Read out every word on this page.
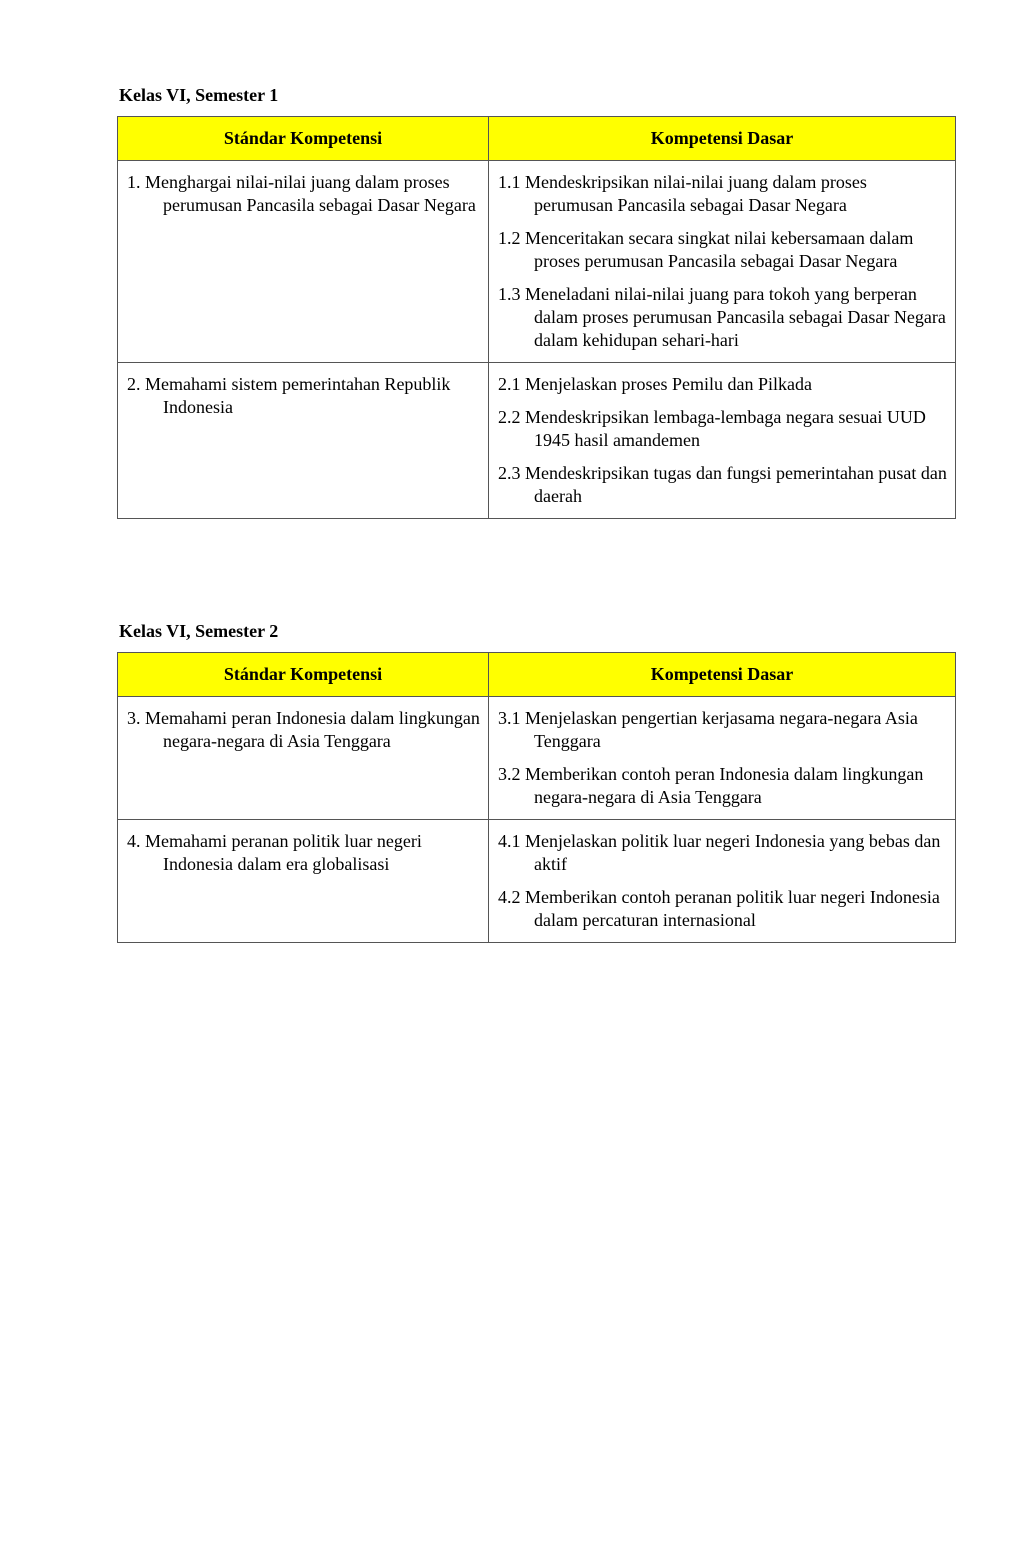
Kelas VI, Semester 1
Stándar Kompetensi	Kompetensi Dasar

1. Menghargai nilai-nilai juang dalam proses perumusan Pancasila sebagai Dasar Negara	1.1 Mendeskripsikan nilai-nilai juang dalam proses perumusan Pancasila sebagai Dasar Negara
1.2 Menceritakan secara singkat nilai kebersamaan dalam proses perumusan Pancasila sebagai Dasar Negara
1.3 Meneladani nilai-nilai juang para tokoh yang berperan dalam proses perumusan Pancasila sebagai Dasar Negara dalam kehidupan sehari-hari

2. Memahami sistem pemerintahan Republik Indonesia	2.1 Menjelaskan proses Pemilu dan Pilkada
2.2 Mendeskripsikan lembaga-lembaga negara sesuai UUD 1945 hasil amandemen
2.3 Mendeskripsikan tugas dan fungsi pemerintahan pusat dan daerah
Kelas VI, Semester 2
Stándar Kompetensi	Kompetensi Dasar

3. Memahami peran Indonesia dalam lingkungan negara-negara di Asia Tenggara	3.1 Menjelaskan pengertian kerjasama negara-negara Asia Tenggara
3.2 Memberikan contoh peran Indonesia dalam lingkungan negara-negara di Asia Tenggara

4. Memahami peranan politik luar negeri Indonesia dalam era globalisasi	4.1 Menjelaskan politik luar negeri Indonesia yang bebas dan aktif
4.2 Memberikan contoh peranan politik luar negeri Indonesia dalam percaturan internasional
